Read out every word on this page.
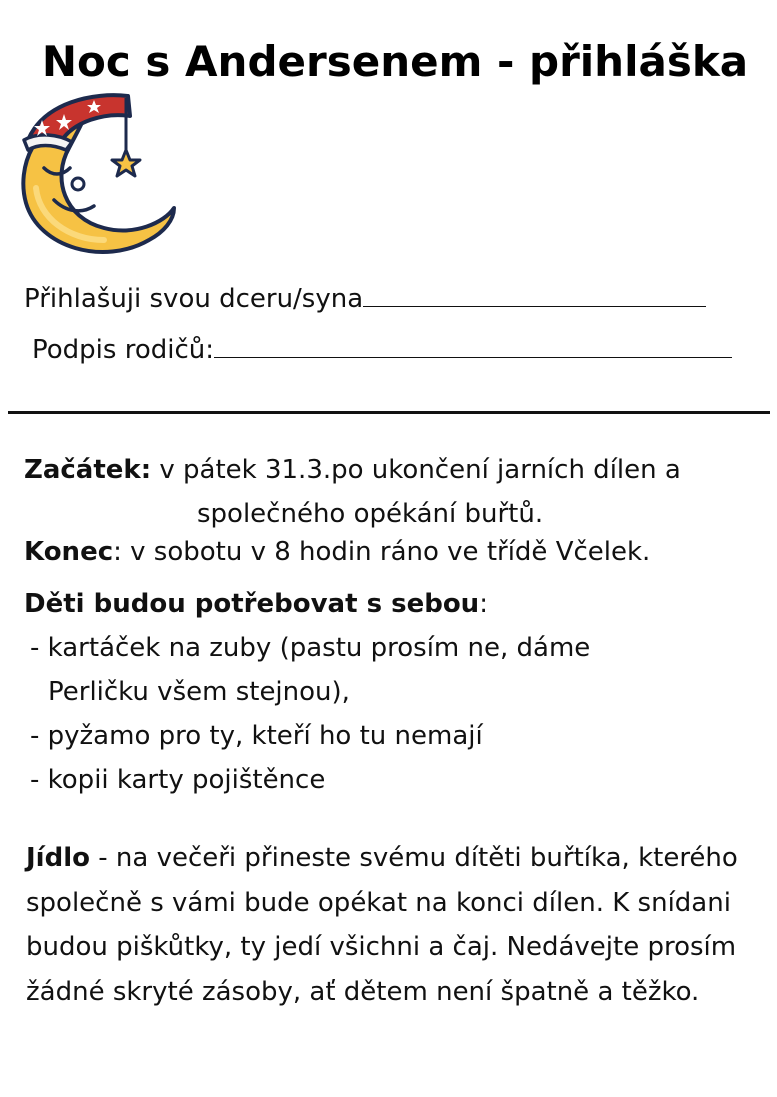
Noc s Andersenem - přihláška
Přihlašuji svou dceru/syna
Podpis rodičů:
Začátek: v pátek 31.3.po ukončení jarních dílen a
společného opékání buřtů.
Konec: v sobotu v 8 hodin ráno ve třídě Včelek.
Děti budou potřebovat s sebou:
- kartáček na zuby (pastu prosím ne, dáme
Perličku všem stejnou),
- pyžamo pro ty, kteří ho tu nemají
- kopii karty pojištěnce
Jídlo - na večeři přineste svému dítěti buřtíka, kterého společně s vámi bude opékat na konci dílen. K snídani budou piškůtky, ty jedí všichni a čaj. Nedávejte prosím žádné skryté zásoby, ať dětem není špatně a těžko.
